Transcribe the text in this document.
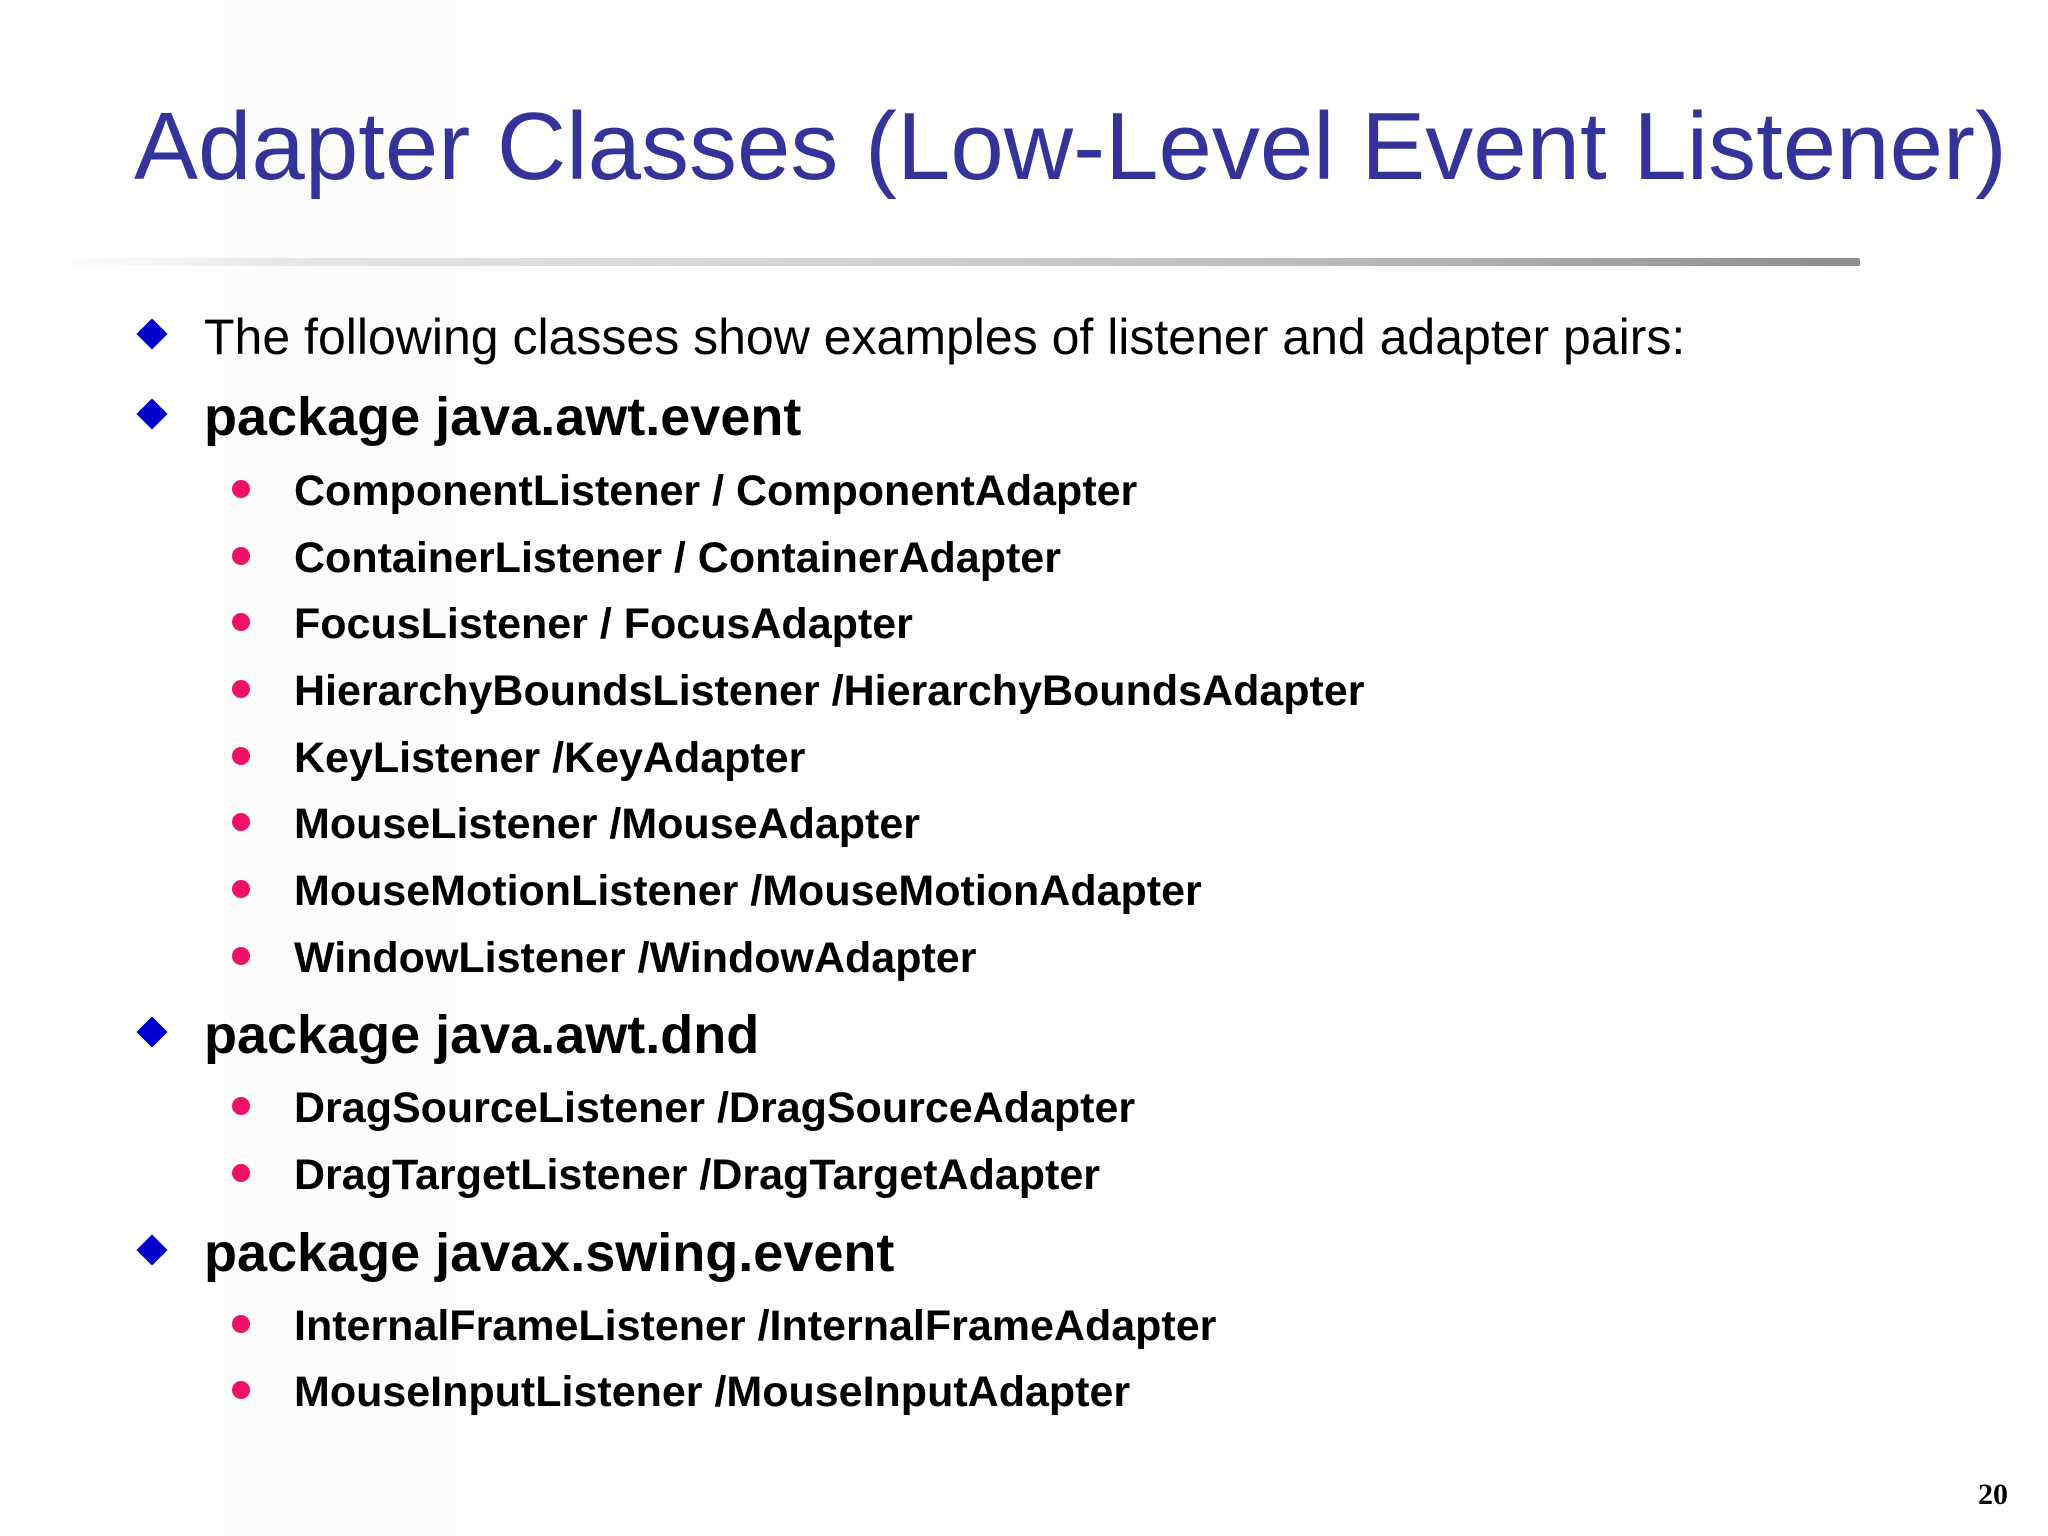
Adapter Classes (Low-Level Event Listener)
The following classes show examples of listener and adapter pairs:
package java.awt.event
ComponentListener / ComponentAdapter
ContainerListener / ContainerAdapter
FocusListener / FocusAdapter
HierarchyBoundsListener /HierarchyBoundsAdapter
KeyListener /KeyAdapter
MouseListener /MouseAdapter
MouseMotionListener /MouseMotionAdapter
WindowListener /WindowAdapter
package java.awt.dnd
DragSourceListener /DragSourceAdapter
DragTargetListener /DragTargetAdapter
package javax.swing.event
InternalFrameListener /InternalFrameAdapter
MouseInputListener /MouseInputAdapter
20
